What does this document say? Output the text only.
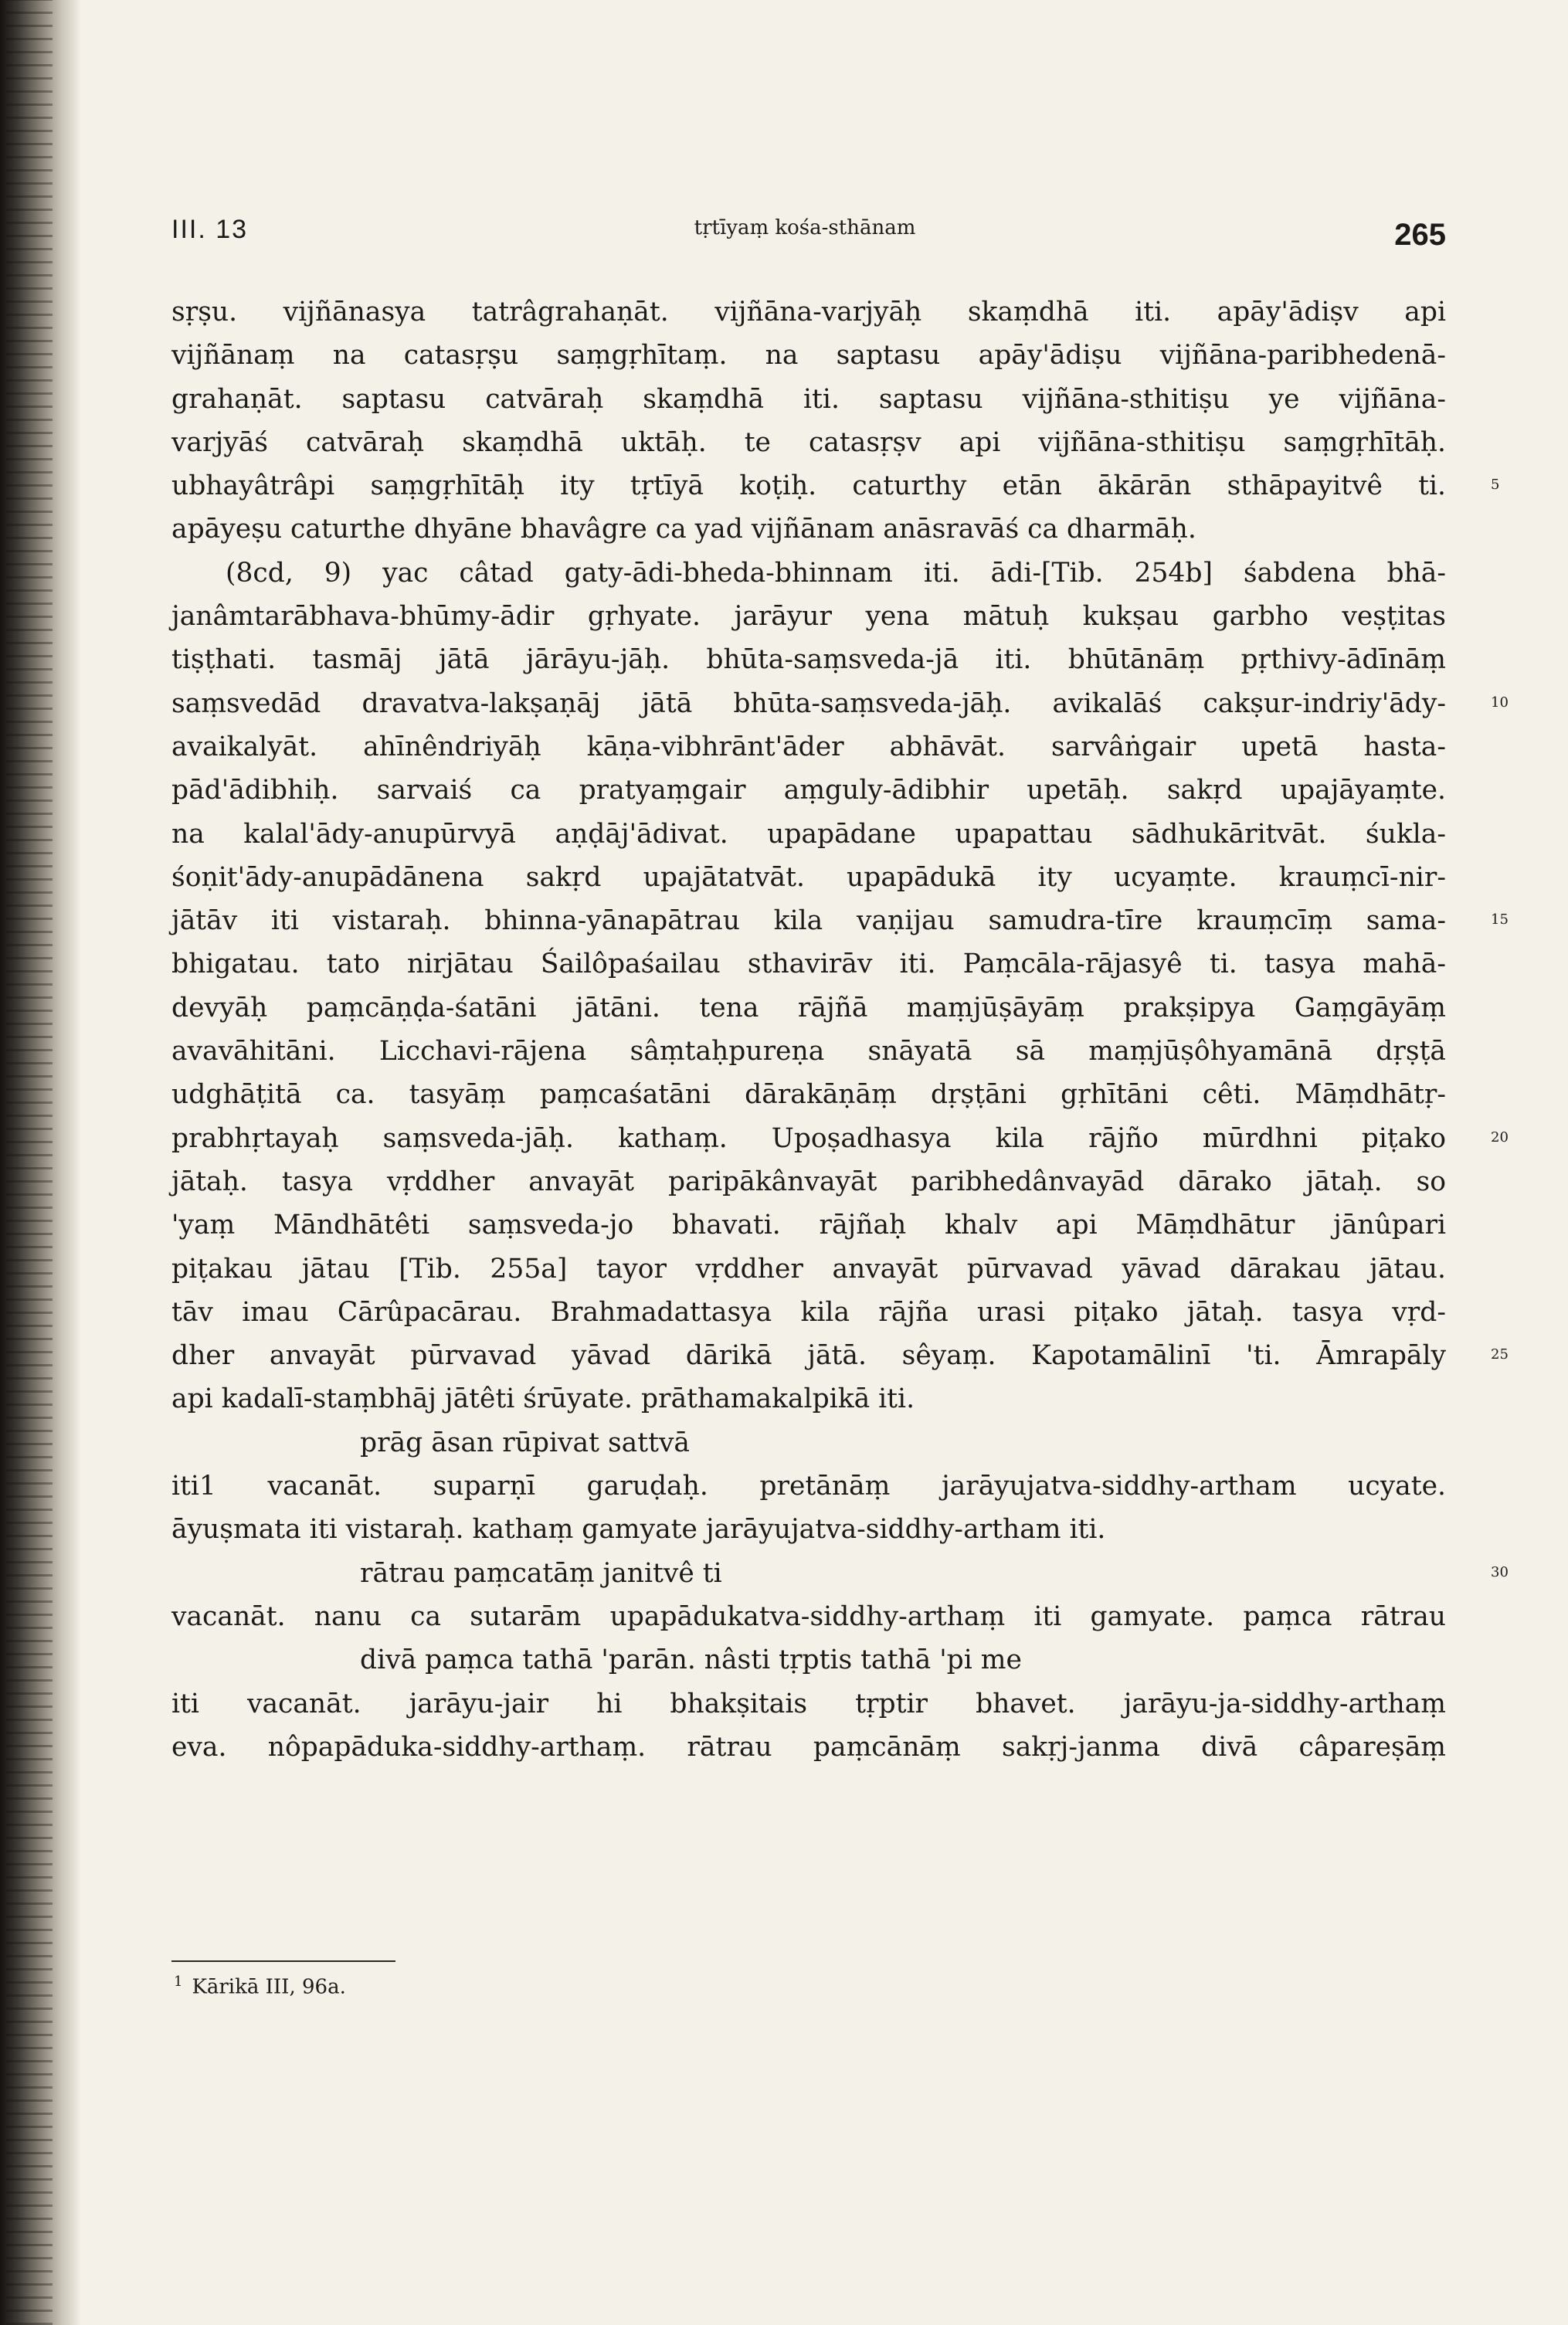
III. 13	tṛtīyaṃ kośa-sthānam	265
sṛṣu. vijñānasya tatrâgrahaṇāt. vijñāna-varjyāḥ skaṃdhā iti. apāy'ādiṣv api
vijñānaṃ na catasṛṣu saṃgṛhītaṃ. na saptasu apāy'ādiṣu vijñāna-paribhedenā-
grahaṇāt. saptasu catvāraḥ skaṃdhā iti. saptasu vijñāna-sthitiṣu ye vijñāna-
varjyāś catvāraḥ skaṃdhā uktāḥ. te catasṛṣv api vijñāna-sthitiṣu saṃgṛhītāḥ.
ubhayâtrâpi saṃgṛhītāḥ ity tṛtīyā koṭiḥ. caturthy etān ākārān sthāpayitvê ti.
apāyeṣu caturthe dhyāne bhavâgre ca yad vijñānam anāsravāś ca dharmāḥ.
(8cd, 9) yac câtad gaty-ādi-bheda-bhinnam iti. ādi-[Tib. 254b] śabdena bhā-
janâmtarābhava-bhūmy-ādir gṛhyate. jarāyur yena mātuḥ kukṣau garbho veṣṭitas
tiṣṭhati. tasmāj jātā jārāyu-jāḥ. bhūta-saṃsveda-jā iti. bhūtānāṃ pṛthivy-ādīnāṃ
saṃsvedād dravatva-lakṣaṇāj jātā bhūta-saṃsveda-jāḥ. avikalāś cakṣur-indriy'ādy-
avaikalyāt. ahīnêndriyāḥ kāṇa-vibhrānt'āder abhāvāt. sarvâṅgair upetā hasta-
pād'ādibhiḥ. sarvaiś ca pratyaṃgair aṃguly-ādibhir upetāḥ. sakṛd upajāyaṃte.
na kalal'ādy-anupūrvyā aṇḍāj'ādivat. upapādane upapattau sādhukāritvāt. śukla-
śoṇit'ādy-anupādānena sakṛd upajātatvāt. upapādukā ity ucyaṃte. krauṃcī-nir-
jātāv iti vistaraḥ. bhinna-yānapātrau kila vaṇijau samudra-tīre krauṃcīṃ sama-
bhigatau. tato nirjātau Śailôpaśailau sthavirāv iti. Paṃcāla-rājasyê ti. tasya mahā-
devyāḥ paṃcāṇḍa-śatāni jātāni. tena rājñā maṃjūṣāyāṃ prakṣipya Gaṃgāyāṃ
avavāhitāni. Licchavi-rājena sâṃtaḥpureṇa snāyatā sā maṃjūṣôhyamānā dṛṣṭā
udghāṭitā ca. tasyāṃ paṃcaśatāni dārakāṇāṃ dṛṣṭāni gṛhītāni cêti. Māṃdhātṛ-
prabhṛtayaḥ saṃsveda-jāḥ. kathaṃ. Upoṣadhasya kila rājño mūrdhni piṭako
jātaḥ. tasya vṛddher anvayāt paripākânvayāt paribhedânvayād dārako jātaḥ. so
'yaṃ Māndhātêti saṃsveda-jo bhavati. rājñaḥ khalv api Māṃdhātur jānûpari
piṭakau jātau [Tib. 255a] tayor vṛddher anvayāt pūrvavad yāvad dārakau jātau.
tāv imau Cārûpacārau. Brahmadattasya kila rājña urasi piṭako jātaḥ. tasya vṛd-
dher anvayāt pūrvavad yāvad dārikā jātā. sêyaṃ. Kapotamālinī 'ti. Āmrapāly
api kadalī-staṃbhāj jātêti śrūyate. prāthamakalpikā iti.
prāg āsan rūpivat sattvā
iti1 vacanāt. suparṇī garuḍaḥ. pretānāṃ jarāyujatva-siddhy-artham ucyate.
āyuṣmata iti vistaraḥ. kathaṃ gamyate jarāyujatva-siddhy-artham iti.
rātrau paṃcatāṃ janitvê ti
vacanāt. nanu ca sutarām upapādukatva-siddhy-arthaṃ iti gamyate. paṃca rātrau
divā paṃca tathā 'parān. nâsti tṛptis tathā 'pi me
iti vacanāt. jarāyu-jair hi bhakṣitais tṛptir bhavet. jarāyu-ja-siddhy-arthaṃ
eva. nôpapāduka-siddhy-arthaṃ. rātrau paṃcānāṃ sakṛj-janma divā câpareṣāṃ
$^1$ Kārikā III, 96a.
5
10
15
20
25
30
